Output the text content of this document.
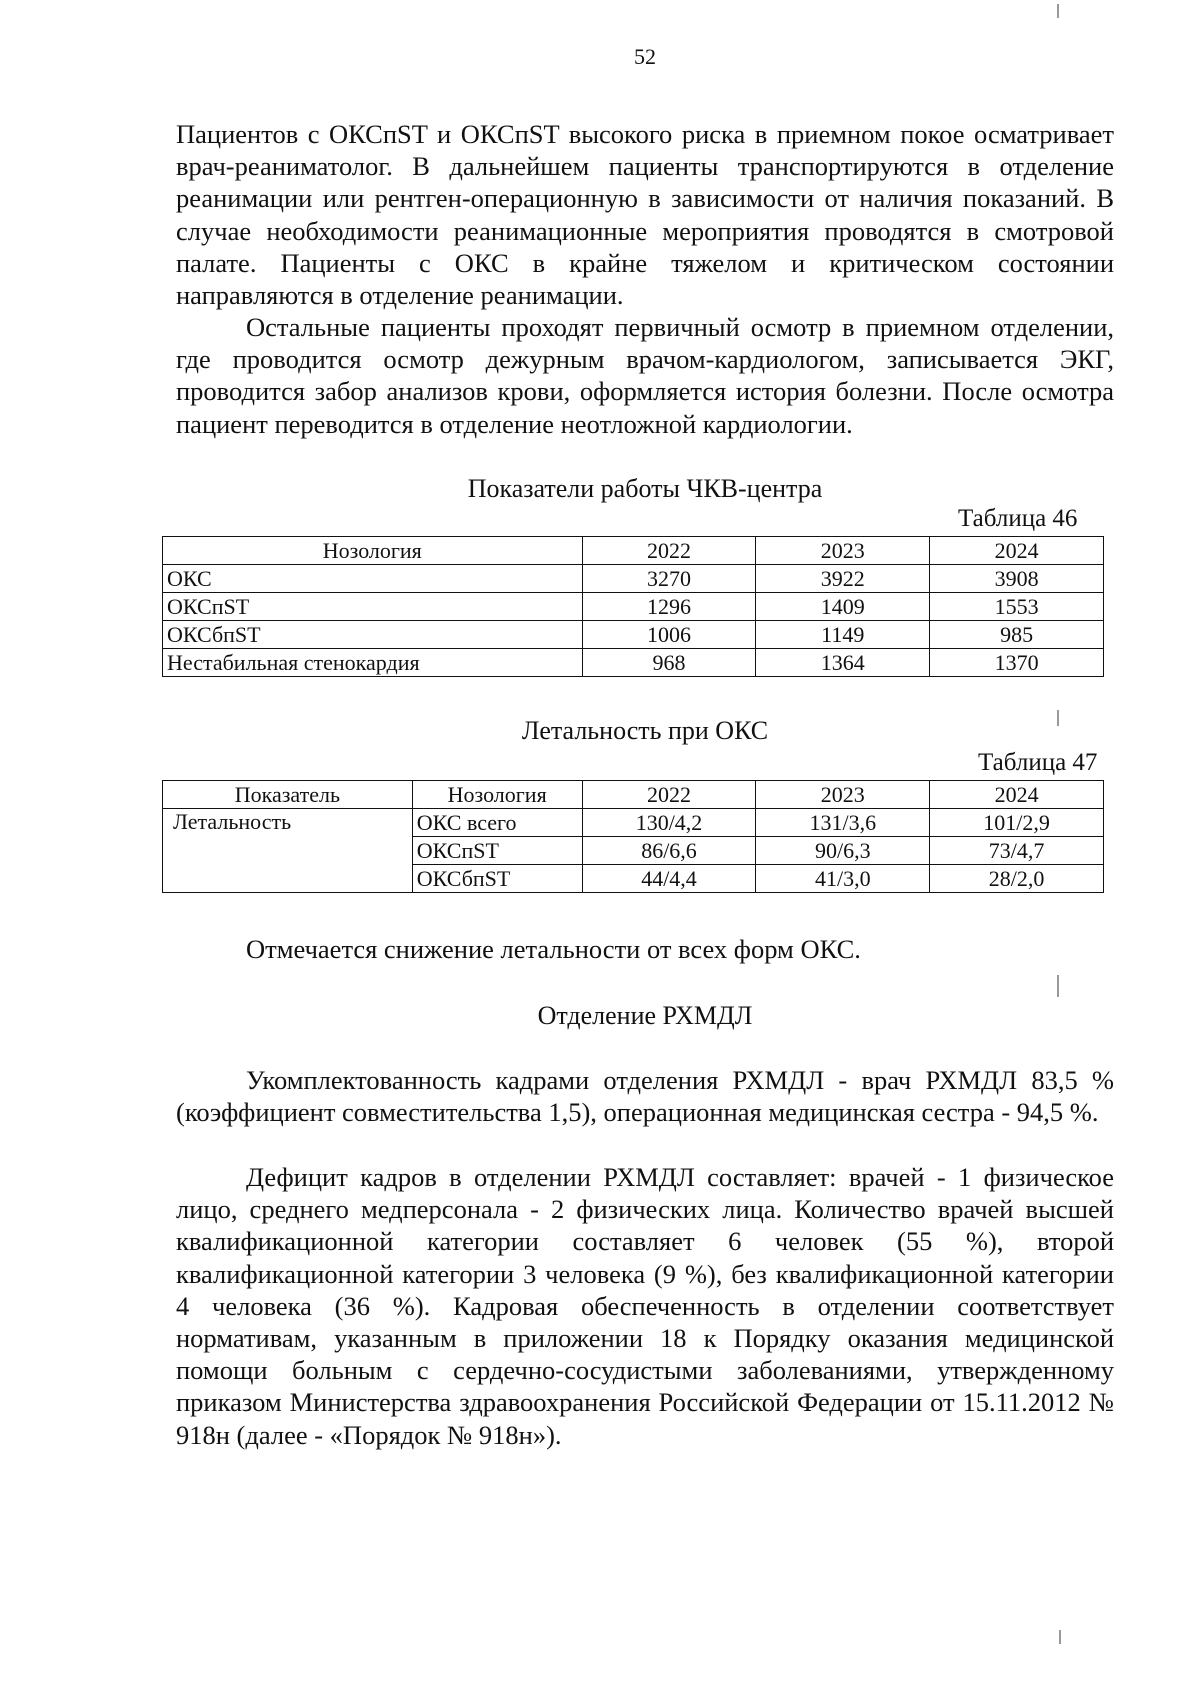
52
Пациентов с ОКСпST и ОКСпST высокого риска в приемном покое осматривает врач-реаниматолог. В дальнейшем пациенты транспортируются в отделение реанимации или рентген-операционную в зависимости от наличия показаний. В случае необходимости реанимационные мероприятия проводятся в смотровой палате. Пациенты с ОКС в крайне тяжелом и критическом состоянии направляются в отделение реанимации.
Остальные пациенты проходят первичный осмотр в приемном отделении, где проводится осмотр дежурным врачом-кардиологом, записывается ЭКГ, проводится забор анализов крови, оформляется история болезни. После осмотра пациент переводится в отделение неотложной кардиологии.
Показатели работы ЧКВ-центра
Таблица 46
Нозология	2022	2023	2024
ОКС	3270	3922	3908
ОКСпST	1296	1409	1553
ОКСбпST	1006	1149	985
Нестабильная стенокардия	968	1364	1370
Летальность при ОКС
Таблица 47
Показатель	Нозология	2022	2023	2024
Летальность	ОКС всего	130/4,2	131/3,6	101/2,9
	ОКСпST	86/6,6	90/6,3	73/4,7
	ОКСбпST	44/4,4	41/3,0	28/2,0
Отмечается снижение летальности от всех форм ОКС.
Отделение РХМДЛ
Укомплектованность кадрами отделения РХМДЛ - врач РХМДЛ 83,5 % (коэффициент совместительства 1,5), операционная медицинская сестра - 94,5 %.
Дефицит кадров в отделении РХМДЛ составляет: врачей - 1 физическое лицо, среднего медперсонала - 2 физических лица. Количество врачей высшей квалификационной категории составляет 6 человек (55 %), второй квалификационной категории 3 человека (9 %), без квалификационной категории 4 человека (36 %). Кадровая обеспеченность в отделении соответствует нормативам, указанным в приложении 18 к Порядку оказания медицинской помощи больным с сердечно-сосудистыми заболеваниями, утвержденному приказом Министерства здравоохранения Российской Федерации от 15.11.2012 № 918н (далее - «Порядок № 918н»).
